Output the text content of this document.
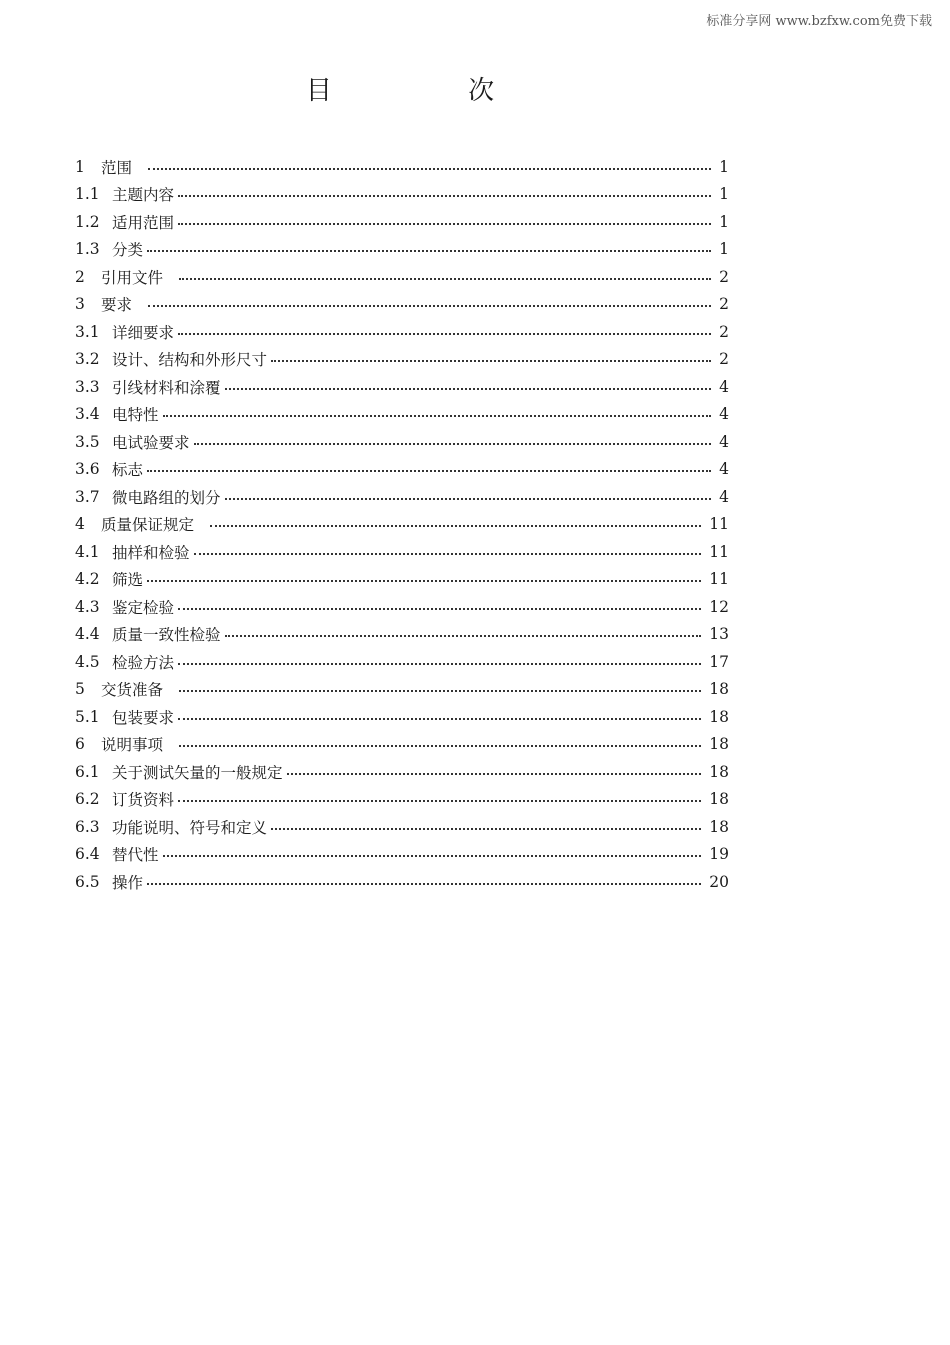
标准分享网 www.bzfxw.com免费下载
目 次
1	范围	1
1.1 主题内容	1
1.2 适用范围	1
1.3 分类	1
2	引用文件	2
3	要求	2
3.1 详细要求	2
3.2 设计、结构和外形尺寸	2
3.3 引线材料和涂覆	4
3.4 电特性	4
3.5 电试验要求	4
3.6 标志	4
3.7 微电路组的划分	4
4	质量保证规定	11
4.1 抽样和检验	11
4.2 筛选	11
4.3 鉴定检验	12
4.4 质量一致性检验	13
4.5 检验方法	17
5	交货准备	18
5.1 包装要求	18
6	说明事项	18
6.1 关于测试矢量的一般规定	18
6.2 订货资料	18
6.3 功能说明、符号和定义	18
6.4 替代性	19
6.5 操作	20
